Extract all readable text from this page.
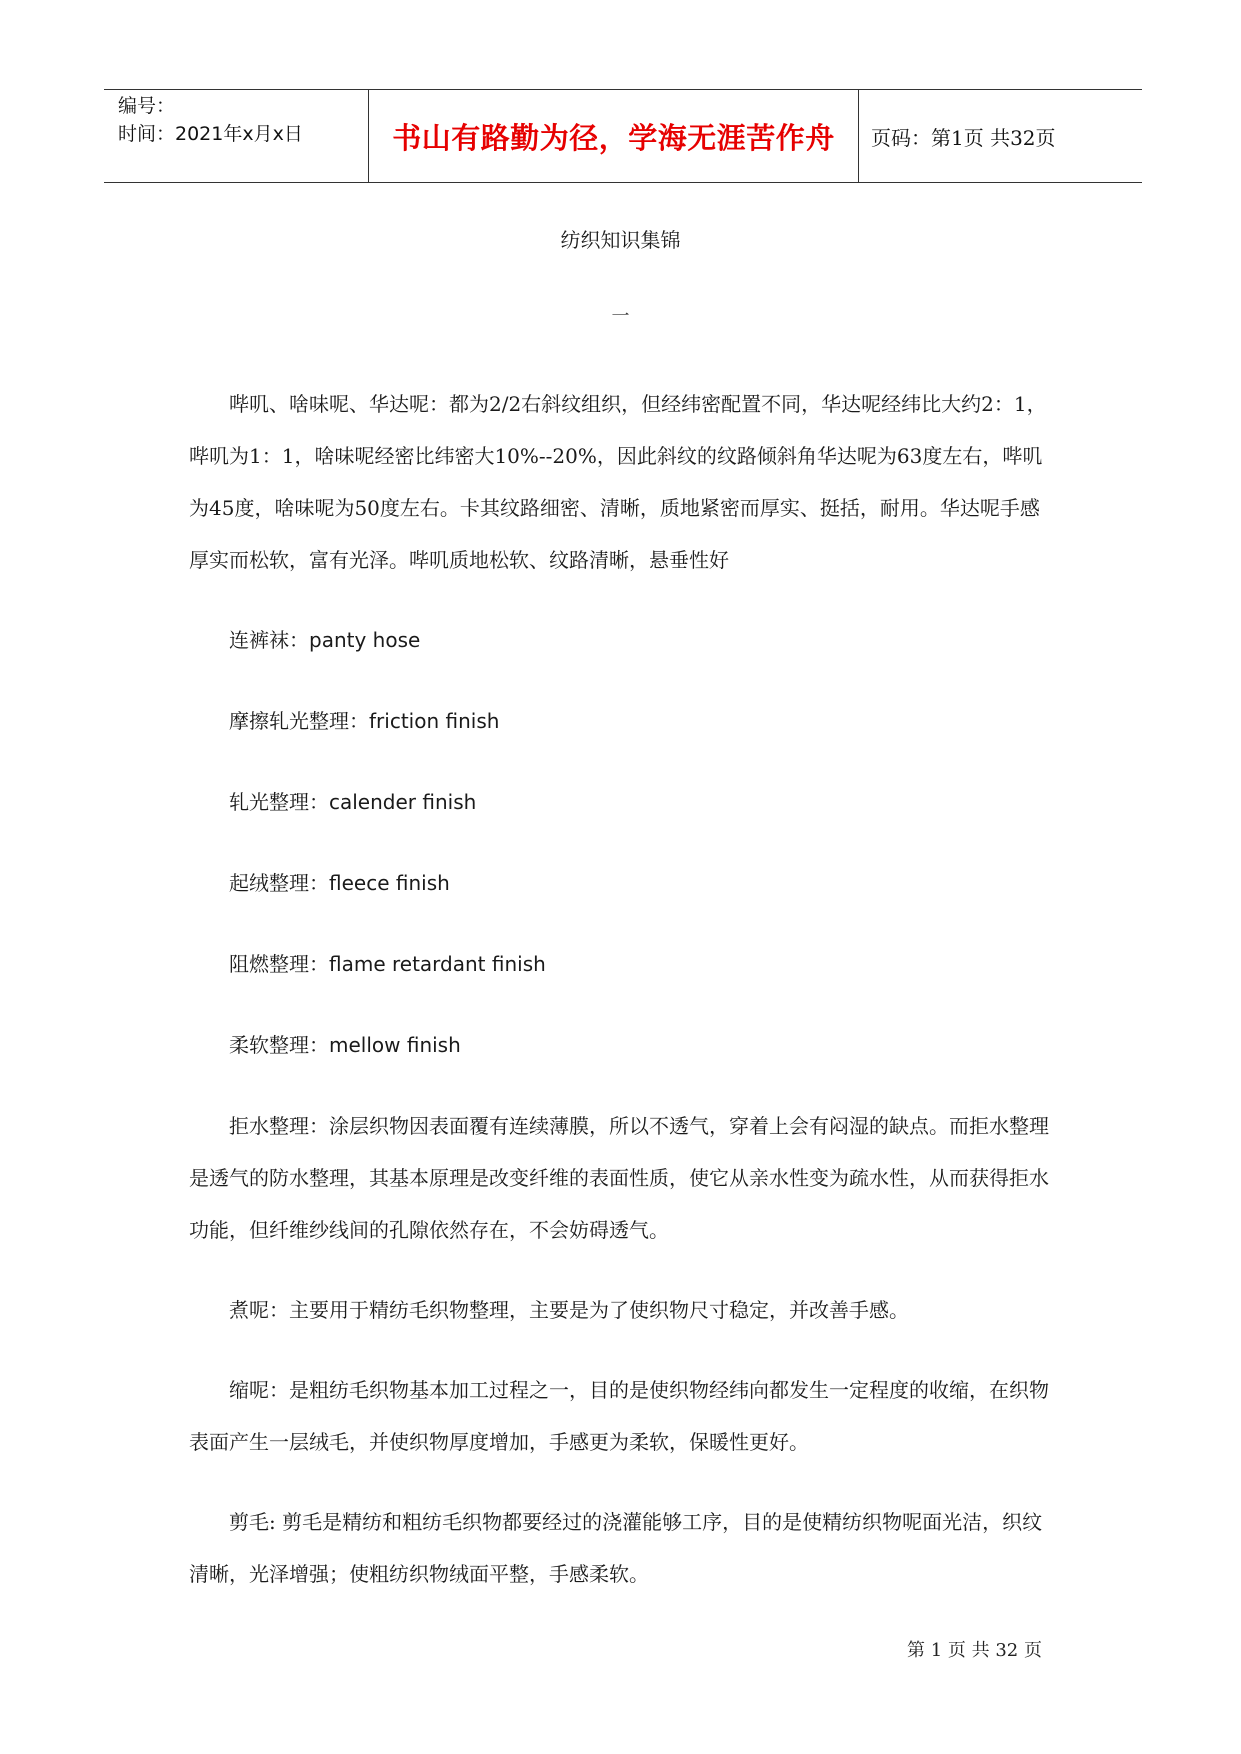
编号：
时间：2021年x月x日	书山有路勤为径，学海无涯苦作舟 页码：第1页 共32页
纺织知识集锦
一

哔叽、啥味呢、华达呢：都为2/2右斜纹组织，但经纬密配置不同，华达呢经纬比大约2：1，哔叽为1：1，啥味呢经密比纬密大10%--20%，因此斜纹的纹路倾斜角华达呢为63度左右，哔叽为45度，啥味呢为50度左右。卡其纹路细密、清晰，质地紧密而厚实、挺括，耐用。华达呢手感厚实而松软，富有光泽。哔叽质地松软、纹路清晰，悬垂性好

连裤袜：panty hose

摩擦轧光整理：friction finish

轧光整理：calender finish

起绒整理：fleece finish

阻燃整理：flame retardant finish

柔软整理：mellow finish

拒水整理：涂层织物因表面覆有连续薄膜，所以不透气，穿着上会有闷湿的缺点。而拒水整理是透气的防水整理，其基本原理是改变纤维的表面性质，使它从亲水性变为疏水性，从而获得拒水功能，但纤维纱线间的孔隙依然存在，不会妨碍透气。

煮呢：主要用于精纺毛织物整理，主要是为了使织物尺寸稳定，并改善手感。

缩呢：是粗纺毛织物基本加工过程之一，目的是使织物经纬向都发生一定程度的收缩，在织物表面产生一层绒毛，并使织物厚度增加，手感更为柔软，保暖性更好。

剪毛: 剪毛是精纺和粗纺毛织物都要经过的浇灌能够工序，目的是使精纺织物呢面光洁，织纹清晰，光泽增强；使粗纺织物绒面平整，手感柔软。

第 1 页 共 32 页
